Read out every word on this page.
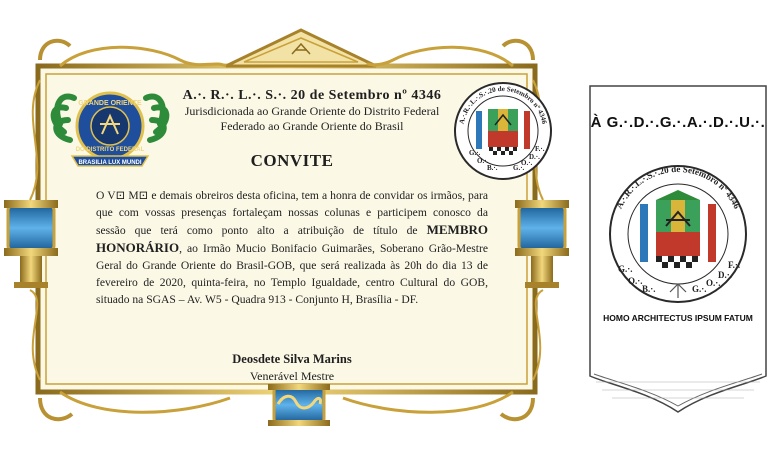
GRANDE ORIENTE
DO DISTRITO FEDERAL
BRASILIA LUX MUNDI
A.·. R.·. L.·. S.·. 20 de Setembro nº 4346
Jurisdicionada ao Grande Oriente do Distrito Federal
Federado ao Grande Oriente do Brasil
CONVITE
O V⊡ M⊡ e demais obreiros desta oficina, tem a honra de convidar os irmãos, para que com vossas presenças fortaleçam nossas colunas e participem conosco da sessão que terá como ponto alto a atribuição de título de MEMBRO HONORÁRIO, ao Irmão Mucio Bonifacio Guimarães, Soberano Grão-Mestre Geral do Grande Oriente do Brasil-GOB, que será realizada às 20h do dia 13 de fevereiro de 2020, quinta-feira, no Templo Igualdade, centro Cultural do GOB, situado na SGAS – Av. W5 - Quadra 913 - Conjunto H, Brasília - DF.
Deosdete Silva Marins
Venerável Mestre
A.·.R.·.L.·.S.·.20 de Setembro nº 4346
G.·.
O.·.
B.·. G.·.
O.·.
D.·.
F.·.
A.·.R.·.L.·.S.·.20 de Setembro nº 4346
G.·.
O.·.
B.·.	G.·.
O.·.
D.·.
F.·.
À G.·.D.·.G.·.A.·.D.·.U.·.
HOMO ARCHITECTUS IPSUM FATUM
